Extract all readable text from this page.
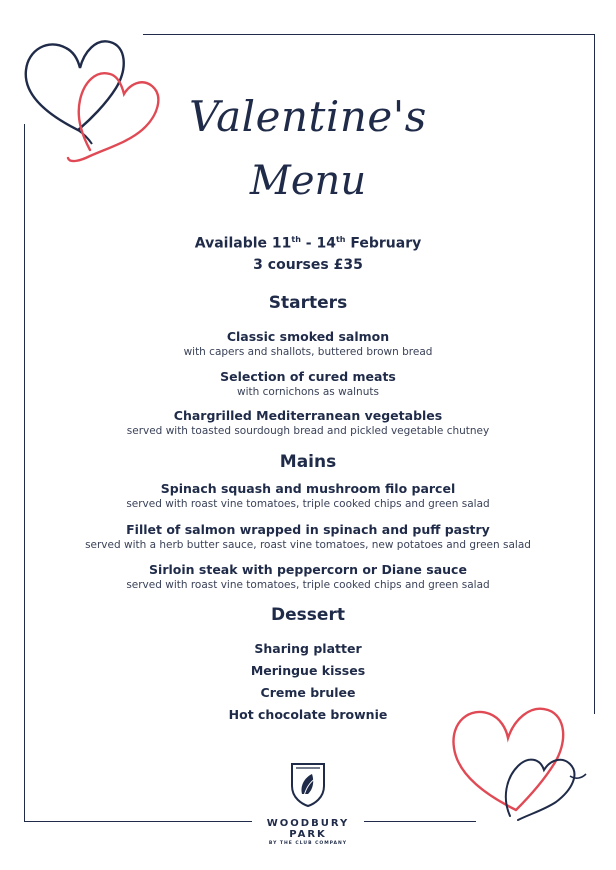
Valentine's
Menu
Available 11th - 14th February
3 courses £35
Starters
Classic smoked salmon
with capers and shallots, buttered brown bread
Selection of cured meats
with cornichons as walnuts
Chargrilled Mediterranean vegetables
served with toasted sourdough bread and pickled vegetable chutney
Mains
Spinach squash and mushroom filo parcel
served with roast vine tomatoes, triple cooked chips and green salad
Fillet of salmon wrapped in spinach and puff pastry
served with a herb butter sauce, roast vine tomatoes, new potatoes and green salad
Sirloin steak with peppercorn or Diane sauce
served with roast vine tomatoes, triple cooked chips and green salad
Dessert
Sharing platter
Meringue kisses
Creme brulee
Hot chocolate brownie
WOODBURY PARK
BY THE CLUB COMPANY
